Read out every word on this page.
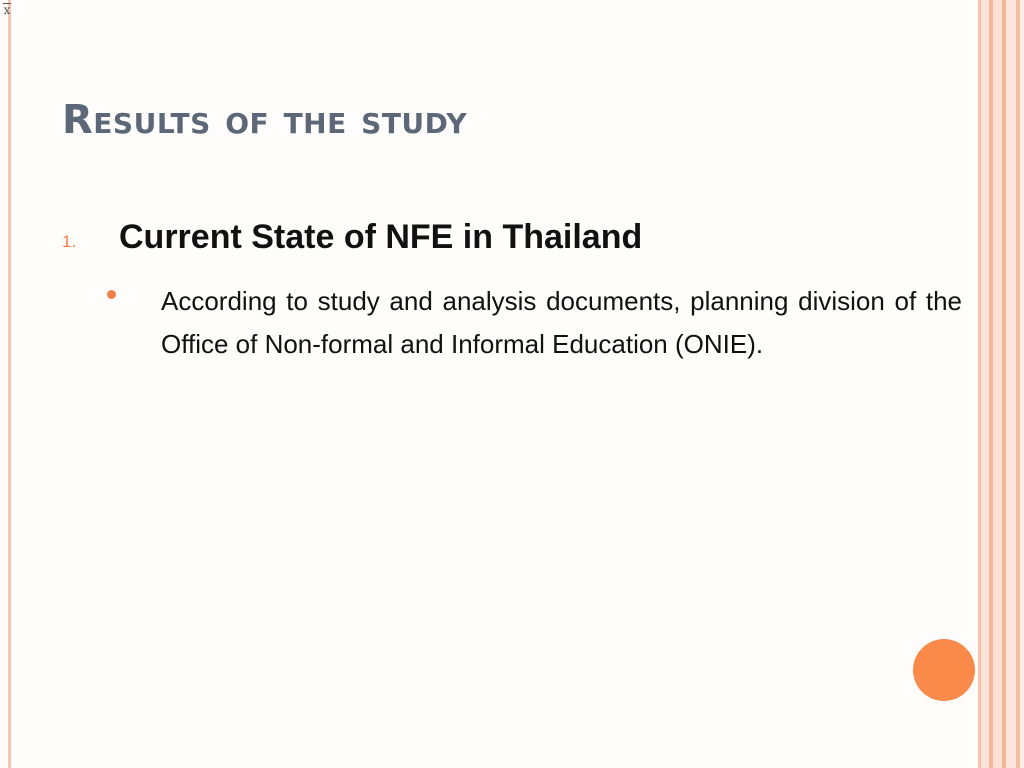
x
Results of the study
1. Current State of NFE in Thailand
According to study and analysis documents, planning division of the Office of Non-formal and Informal Education (ONIE).
